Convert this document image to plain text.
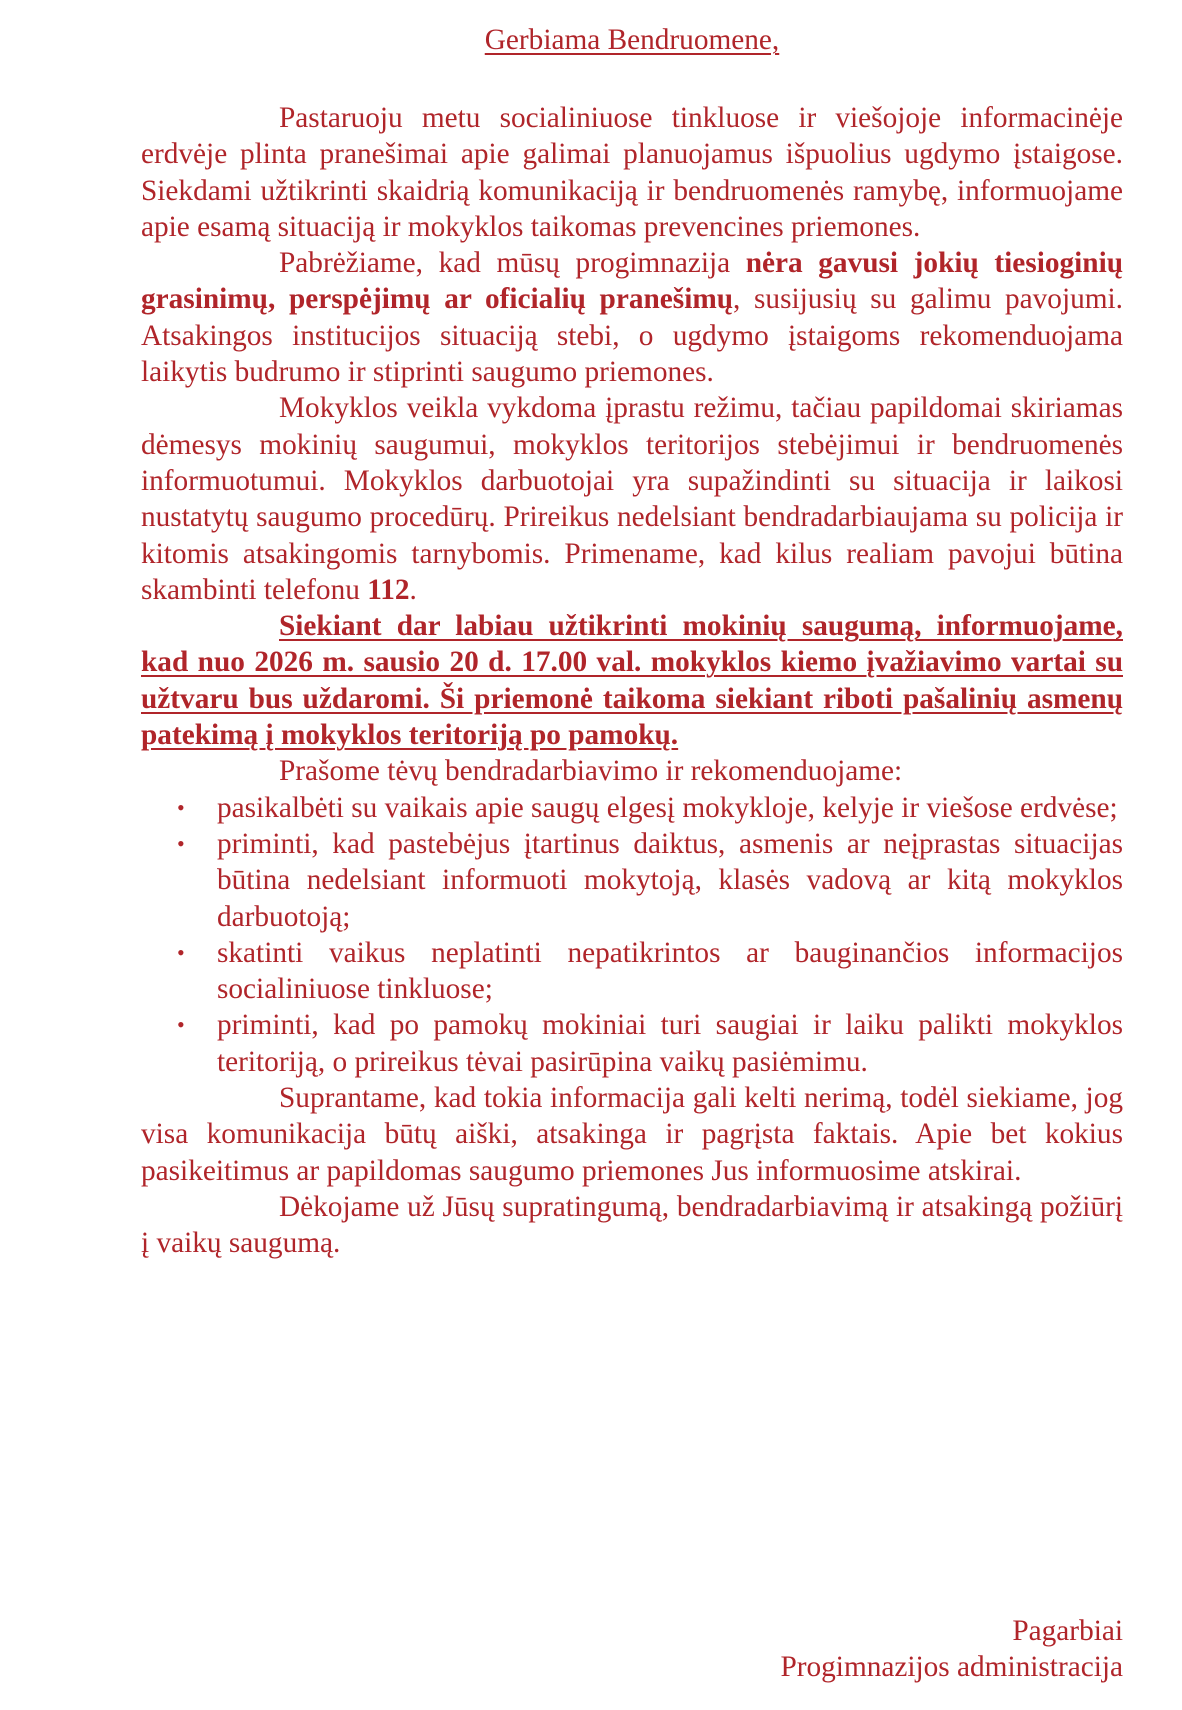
Gerbiama Bendruomene,

Pastaruoju metu socialiniuose tinkluose ir viešojoje informacinėje erdvėje plinta pranešimai apie galimai planuojamus išpuolius ugdymo įstaigose. Siekdami užtikrinti skaidrią komunikaciją ir bendruomenės ramybę, informuojame apie esamą situaciją ir mokyklos taikomas prevencines priemones.

Pabrėžiame, kad mūsų progimnazija nėra gavusi jokių tiesioginių grasinimų, perspėjimų ar oficialių pranešimų, susijusių su galimu pavojumi. Atsakingos institucijos situaciją stebi, o ugdymo įstaigoms rekomenduojama laikytis budrumo ir stiprinti saugumo priemones.

Mokyklos veikla vykdoma įprastu režimu, tačiau papildomai skiriamas dėmesys mokinių saugumui, mokyklos teritorijos stebėjimui ir bendruomenės informuotumui. Mokyklos darbuotojai yra supažindinti su situacija ir laikosi nustatytų saugumo procedūrų. Prireikus nedelsiant bendradarbiaujama su policija ir kitomis atsakingomis tarnybomis. Primename, kad kilus realiam pavojui būtina skambinti telefonu 112.

Siekiant dar labiau užtikrinti mokinių saugumą, informuojame, kad nuo 2026 m. sausio 20 d. 17.00 val. mokyklos kiemo įvažiavimo vartai su užtvaru bus uždaromi. Ši priemonė taikoma siekiant riboti pašalinių asmenų patekimą į mokyklos teritoriją po pamokų.

Prašome tėvų bendradarbiavimo ir rekomenduojame:

• pasikalbėti su vaikais apie saugų elgesį mokykloje, kelyje ir viešose erdvėse;
• priminti, kad pastebėjus įtartinus daiktus, asmenis ar neįprastas situacijas būtina nedelsiant informuoti mokytoją, klasės vadovą ar kitą mokyklos darbuotoją;
• skatinti vaikus neplatinti nepatikrintos ar bauginančios informacijos socialiniuose tinkluose;
• priminti, kad po pamokų mokiniai turi saugiai ir laiku palikti mokyklos teritoriją, o prireikus tėvai pasirūpina vaikų pasiėmimu.

Suprantame, kad tokia informacija gali kelti nerimą, todėl siekiame, jog visa komunikacija būtų aiški, atsakinga ir pagrįsta faktais. Apie bet kokius pasikeitimus ar papildomas saugumo priemones Jus informuosime atskirai.

Dėkojame už Jūsų supratingumą, bendradarbiavimą ir atsakingą požiūrį į vaikų saugumą.

Pagarbiai
Progimnazijos administracija
